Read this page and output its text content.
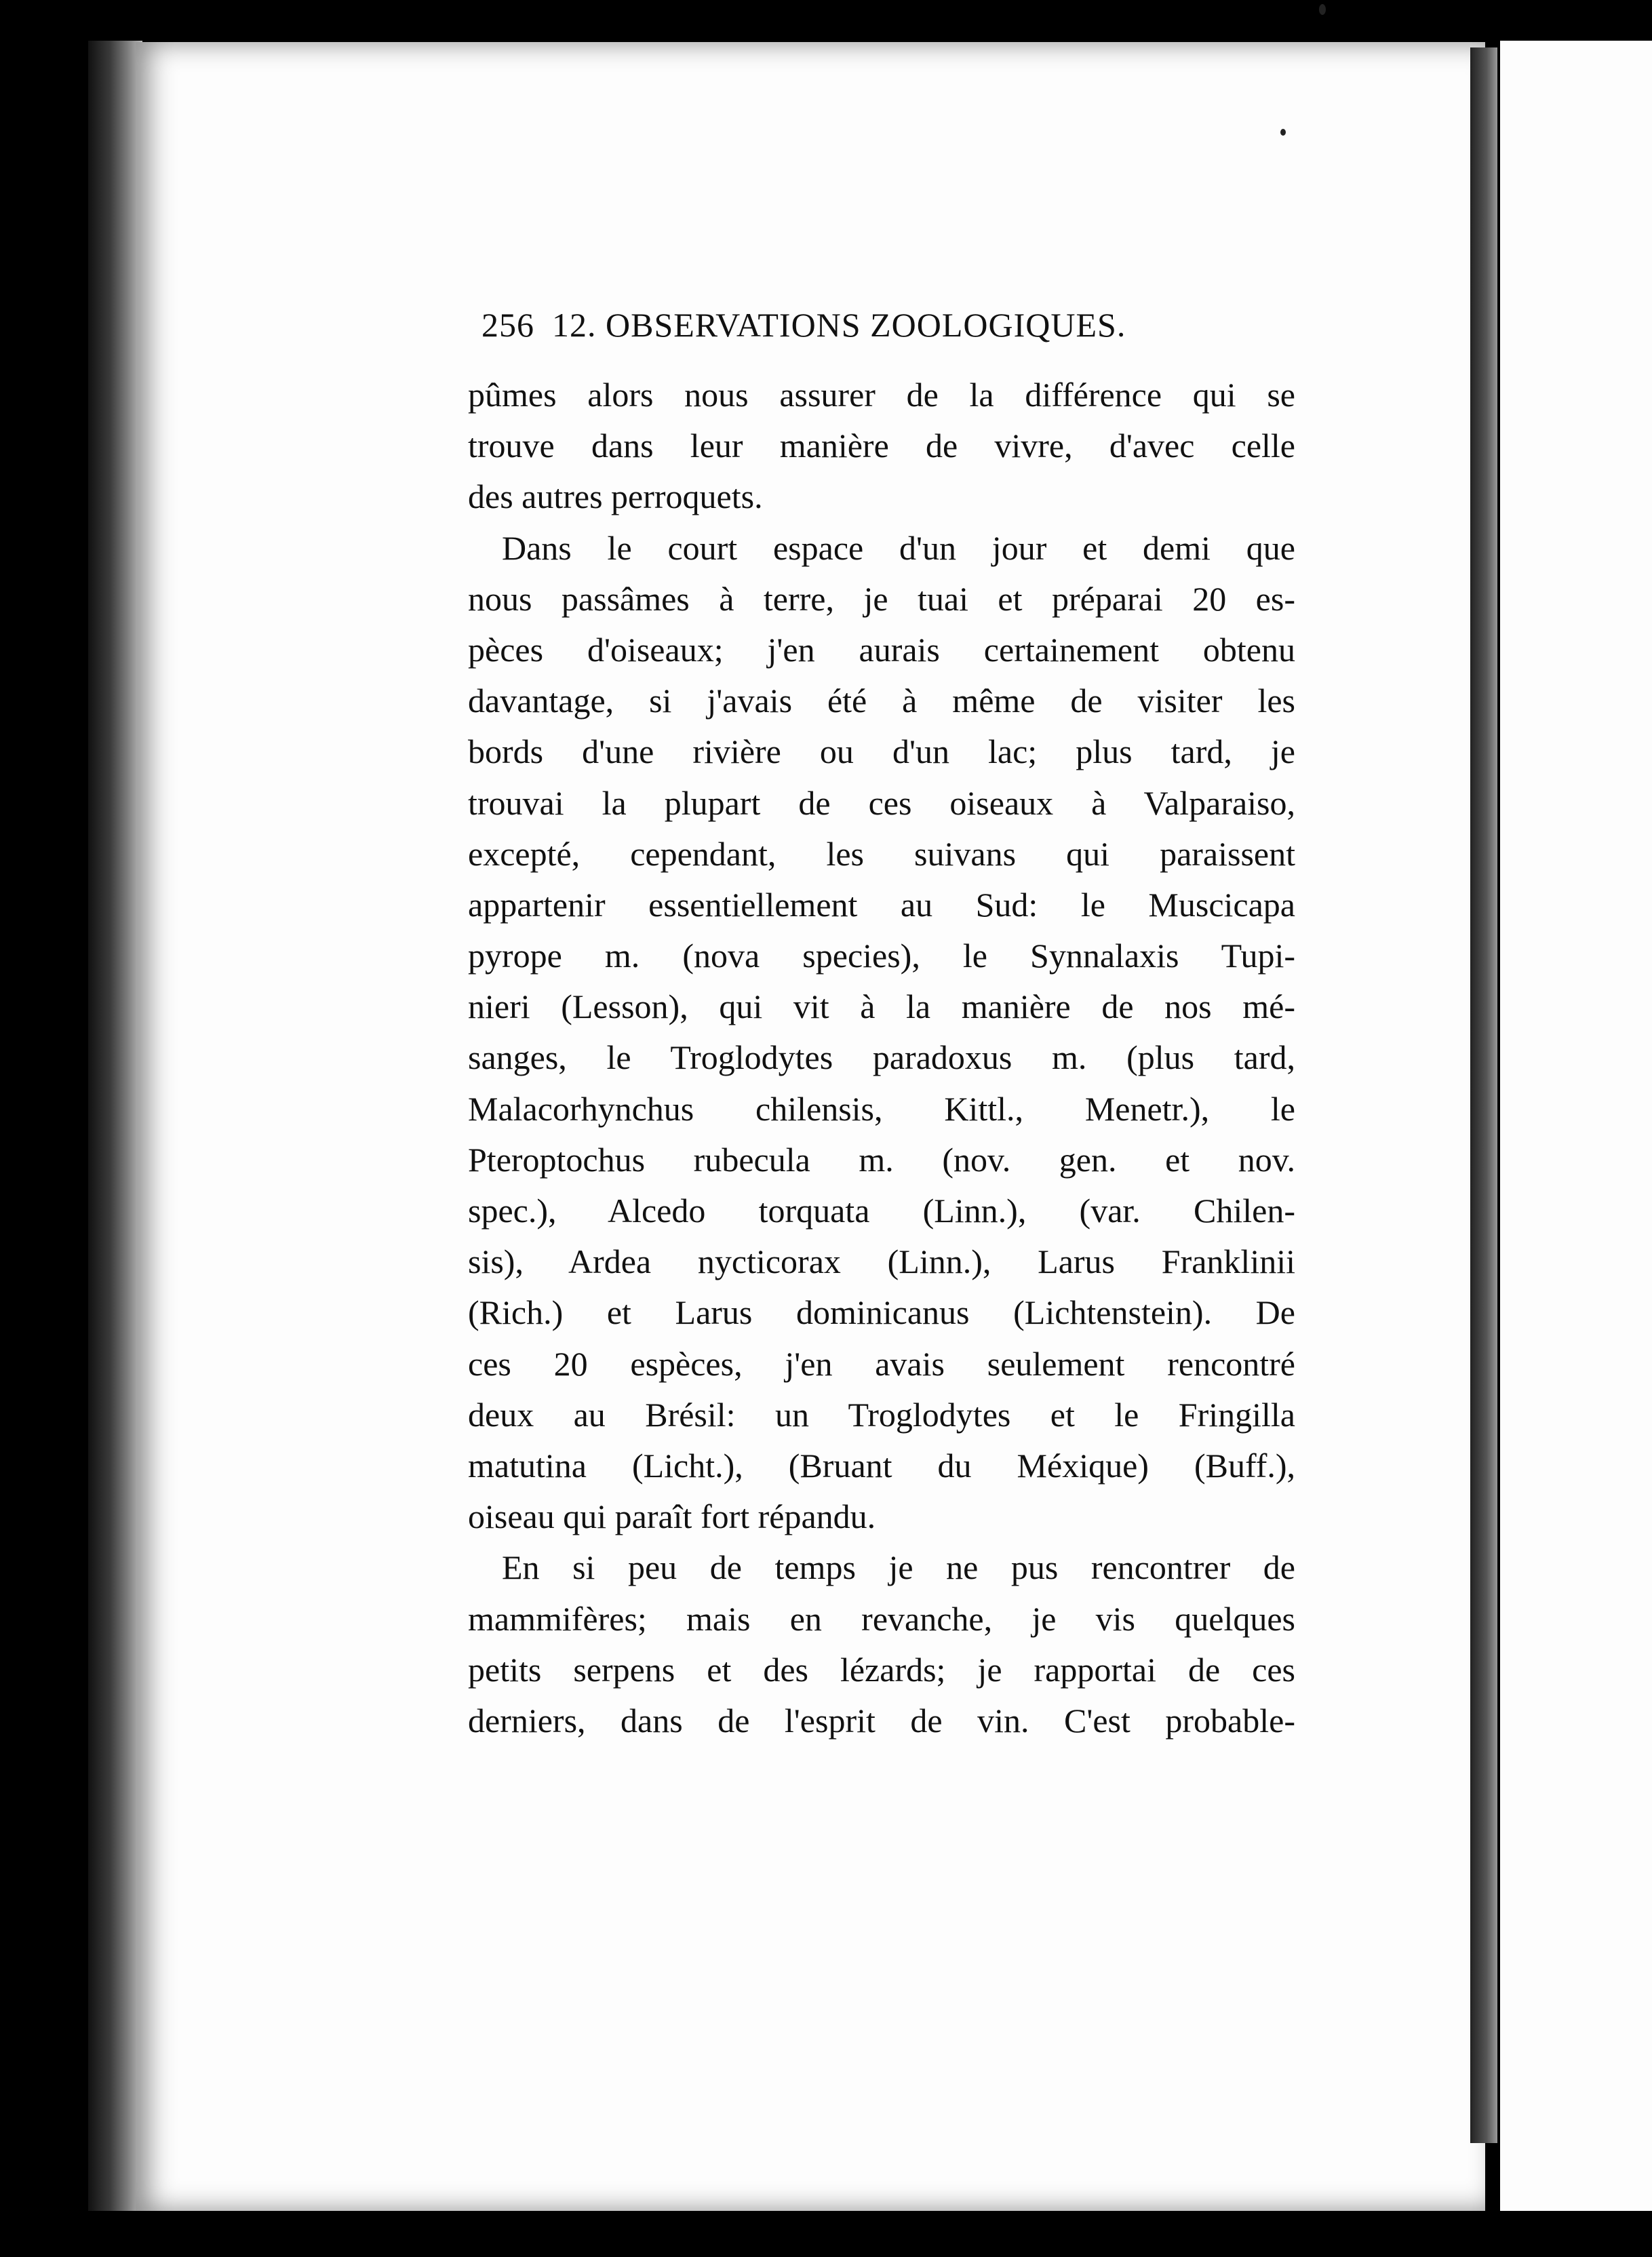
256 12. OBSERVATIONS ZOOLOGIQUES.
pûmes alors nous assurer de la différence qui se
trouve dans leur manière de vivre, d'avec celle
des autres perroquets.
Dans le court espace d'un jour et demi que
nous passâmes à terre, je tuai et préparai 20 es-
pèces d'oiseaux; j'en aurais certainement obtenu
davantage, si j'avais été à même de visiter les
bords d'une rivière ou d'un lac; plus tard, je
trouvai la plupart de ces oiseaux à Valparaiso,
excepté, cependant, les suivans qui paraissent
appartenir essentiellement au Sud: le Muscicapa
pyrope m. (nova species), le Synnalaxis Tupi-
nieri (Lesson), qui vit à la manière de nos mé-
sanges, le Troglodytes paradoxus m. (plus tard,
Malacorhynchus chilensis, Kittl., Menetr.), le
Pteroptochus rubecula m. (nov. gen. et nov.
spec.), Alcedo torquata (Linn.), (var. Chilen-
sis), Ardea nycticorax (Linn.), Larus Franklinii
(Rich.) et Larus dominicanus (Lichtenstein). De
ces 20 espèces, j'en avais seulement rencontré
deux au Brésil: un Troglodytes et le Fringilla
matutina (Licht.), (Bruant du Méxique) (Buff.),
oiseau qui paraît fort répandu.
En si peu de temps je ne pus rencontrer de
mammifères; mais en revanche, je vis quelques
petits serpens et des lézards; je rapportai de ces
derniers, dans de l'esprit de vin. C'est probable-
